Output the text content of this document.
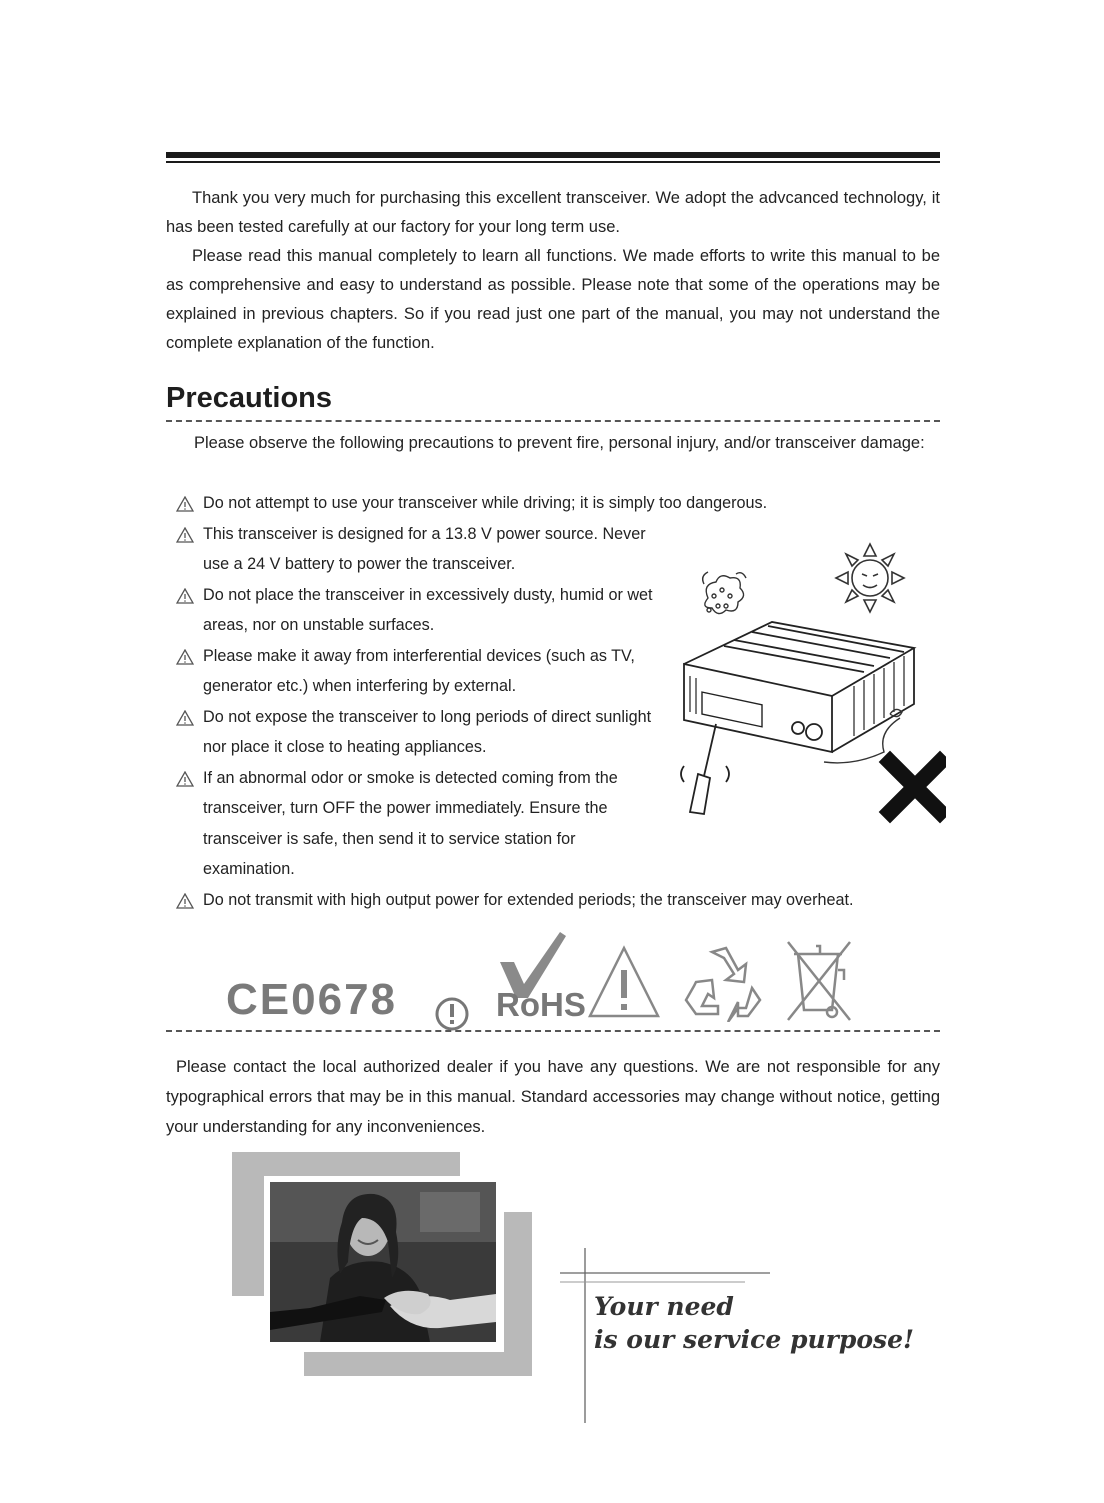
Thank you very much for purchasing this excellent transceiver. We adopt the advcanced technology, it has been tested carefully at our factory for your long term use.

Please read this manual completely to learn all functions. We made efforts to write this manual to be as comprehensive and easy to understand as possible. Please note that some of the operations may be explained in previous chapters. So if you read just one part of the manual, you may not understand the complete explanation of the function.

Precautions

Please observe the following precautions to prevent fire, personal injury, and/or transceiver damage:

Do not attempt to use your transceiver while driving; it is simply too dangerous.
This transceiver is designed for a 13.8 V power source. Never use a 24 V battery to power the transceiver.
Do not place the transceiver in excessively dusty, humid or wet areas, nor on unstable surfaces.
Please make it away from interferential devices (such as TV, generator etc.) when interfering by external.
Do not expose the transceiver to long periods of direct sunlight nor place it close to heating appliances.
If an abnormal odor or smoke is detected coming from the transceiver, turn OFF the power immediately. Ensure the transceiver is safe, then send it to service station for examination.
Do not transmit with high output power for extended periods; the transceiver may overheat.
CE0678	RoHS

Please contact the local authorized dealer if you have any questions. We are not responsible for any typographical errors that may be in this manual. Standard accessories may change without notice, getting your understanding for any inconveniences.

Your need
is our service purpose!
